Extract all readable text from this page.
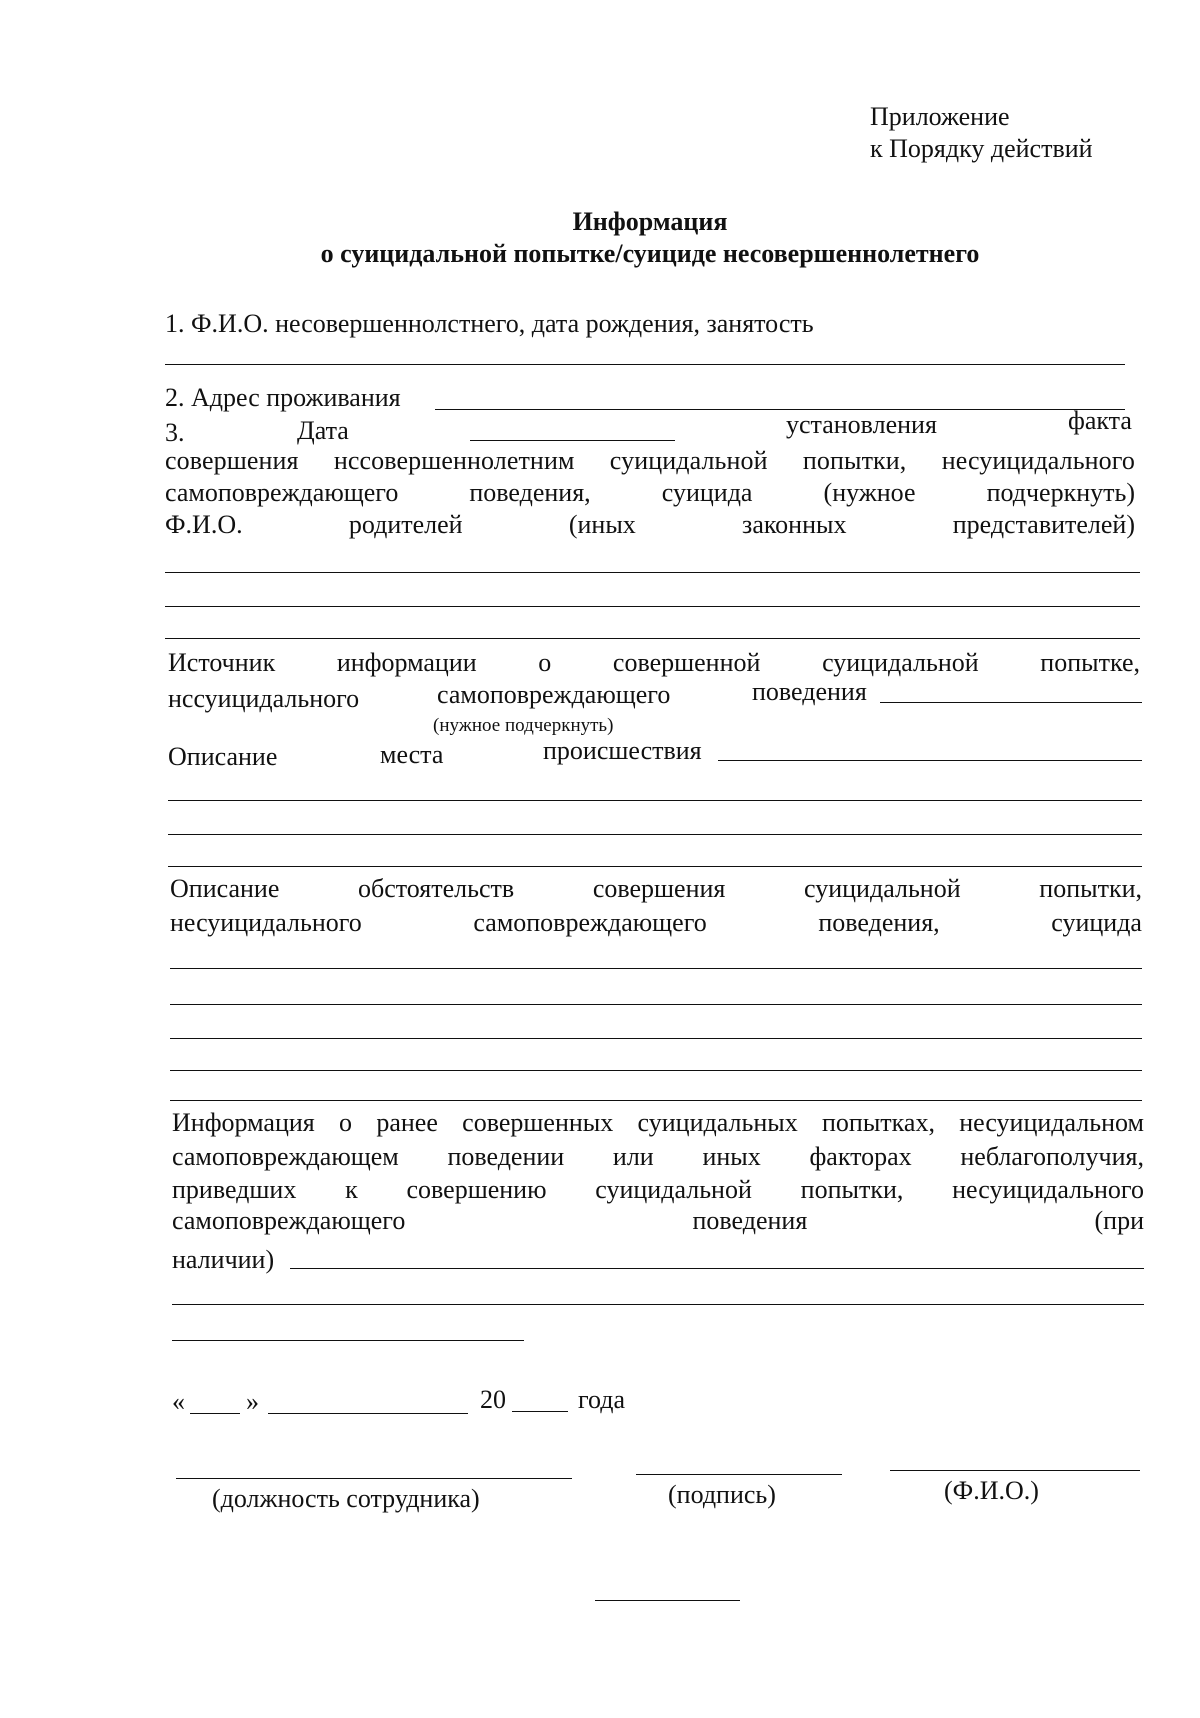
Приложение
к Порядку действий
Информация
о суицидальной попытке/суициде несовершеннолетнего
1. Ф.И.О. несовершеннолстнего, дата рождения, занятость
2. Адрес проживания
3.	Дата	установления	факта
совершения нссовершеннолетним суицидальной попытки, несуицидального
самоповреждающего	поведения,	суицида	(нужное	подчеркнуть)
Ф.И.О.	родителей	(иных	законных	представителей)
Источник информации о совершенной суицидальной попытке,
нссуицидального	самоповреждающего	поведения
(нужное подчеркнуть)
Описание	места	происшествия
Описание	обстоятельств	совершения	суицидальной	попытки,
несуицидального	самоповреждающего	поведения,	суицида
Информация о ранее совершенных суицидальных попытках, несуицидальном
самоповреждающем поведении или иных факторах неблагополучия,
приведших к совершению суицидальной попытки, несуицидального
самоповреждающего	поведения	(при
наличии)
« »	20	года
(должность сотрудника)	(подпись)	(Ф.И.О.)
